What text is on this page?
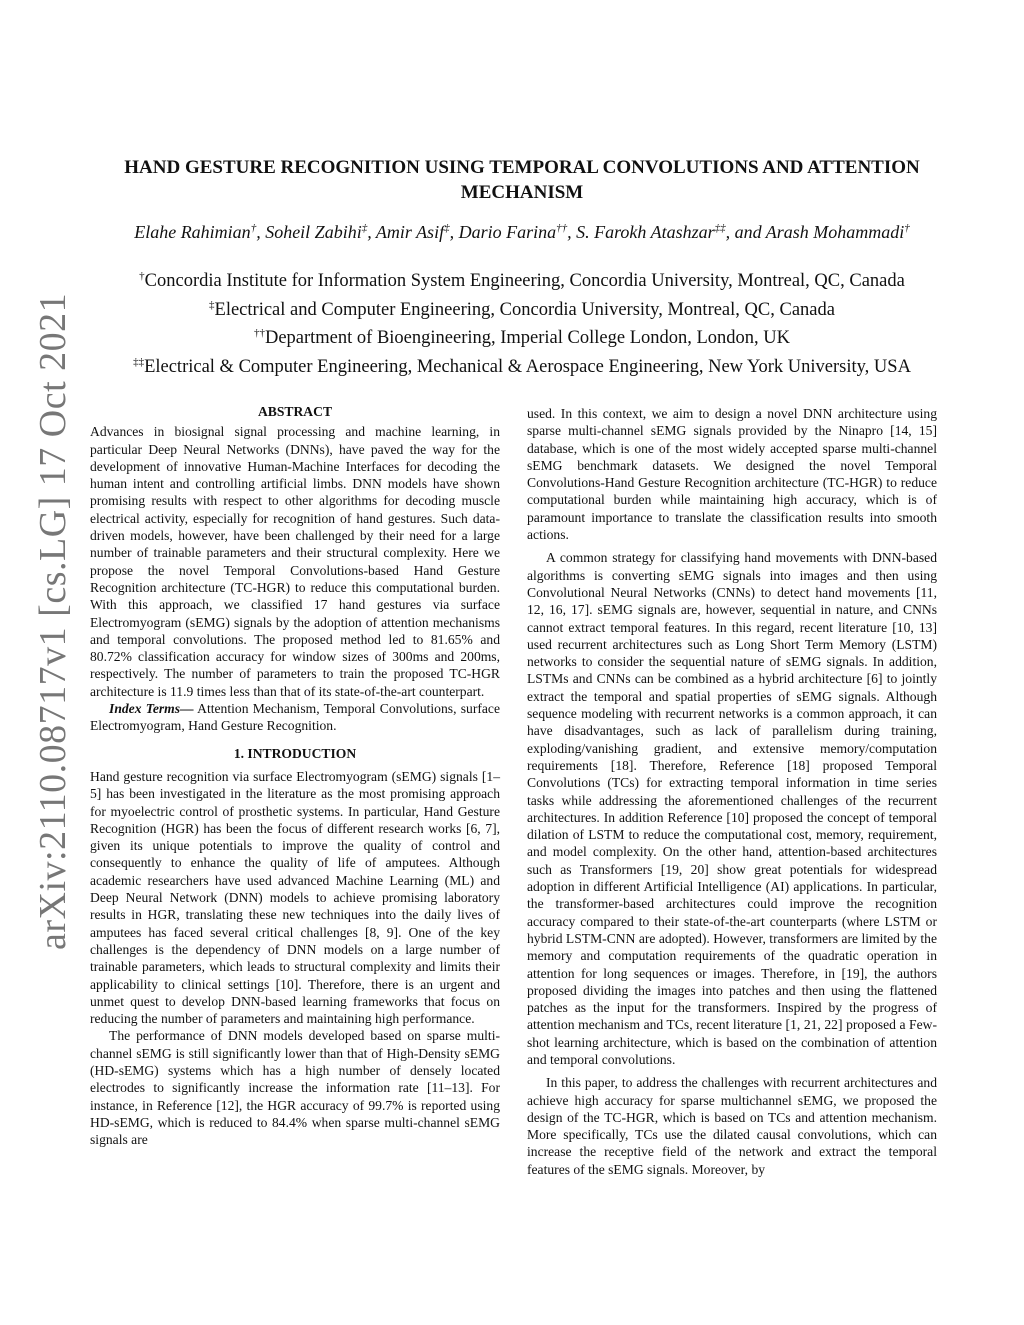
arXiv:2110.08717v1 [cs.LG] 17 Oct 2021
HAND GESTURE RECOGNITION USING TEMPORAL CONVOLUTIONS AND ATTENTION
MECHANISM
Elahe Rahimian†, Soheil Zabihi‡, Amir Asif‡, Dario Farina††, S. Farokh Atashzar‡‡, and Arash Mohammadi†
†Concordia Institute for Information System Engineering, Concordia University, Montreal, QC, Canada
‡Electrical and Computer Engineering, Concordia University, Montreal, QC, Canada
††Department of Bioengineering, Imperial College London, London, UK
‡‡Electrical & Computer Engineering, Mechanical & Aerospace Engineering, New York University, USA
ABSTRACT

Advances in biosignal signal processing and machine learning, in particular Deep Neural Networks (DNNs), have paved the way for the development of innovative Human-Machine Interfaces for decoding the human intent and controlling artificial limbs. DNN models have shown promising results with respect to other algorithms for decoding muscle electrical activity, especially for recognition of hand gestures. Such data-driven models, however, have been challenged by their need for a large number of trainable parameters and their structural complexity. Here we propose the novel Temporal Convolutions-based Hand Gesture Recognition architecture (TC-HGR) to reduce this computational burden. With this approach, we classified 17 hand gestures via surface Electromyogram (sEMG) signals by the adoption of attention mechanisms and temporal convolutions. The proposed method led to 81.65% and 80.72% classification accuracy for window sizes of 300ms and 200ms, respectively. The number of parameters to train the proposed TC-HGR architecture is 11.9 times less than that of its state-of-the-art counterpart.

Index Terms— Attention Mechanism, Temporal Convolutions, surface Electromyogram, Hand Gesture Recognition.

1. INTRODUCTION

Hand gesture recognition via surface Electromyogram (sEMG) signals [1–5] has been investigated in the literature as the most promising approach for myoelectric control of prosthetic systems. In particular, Hand Gesture Recognition (HGR) has been the focus of different research works [6, 7], given its unique potentials to improve the quality of control and consequently to enhance the quality of life of amputees. Although academic researchers have used advanced Machine Learning (ML) and Deep Neural Network (DNN) models to achieve promising laboratory results in HGR, translating these new techniques into the daily lives of amputees has faced several critical challenges [8, 9]. One of the key challenges is the dependency of DNN models on a large number of trainable parameters, which leads to structural complexity and limits their applicability to clinical settings [10]. Therefore, there is an urgent and unmet quest to develop DNN-based learning frameworks that focus on reducing the number of parameters and maintaining high performance.

The performance of DNN models developed based on sparse multi-channel sEMG is still significantly lower than that of High-Density sEMG (HD-sEMG) systems which has a high number of densely located electrodes to significantly increase the information rate [11–13]. For instance, in Reference [12], the HGR accuracy of 99.7% is reported using HD-sEMG, which is reduced to 84.4% when sparse multi-channel sEMG signals are

used. In this context, we aim to design a novel DNN architecture using sparse multi-channel sEMG signals provided by the Ninapro [14, 15] database, which is one of the most widely accepted sparse multi-channel sEMG benchmark datasets. We designed the novel Temporal Convolutions-Hand Gesture Recognition architecture (TC-HGR) to reduce computational burden while maintaining high accuracy, which is of paramount importance to translate the classification results into smooth actions.

A common strategy for classifying hand movements with DNN-based algorithms is converting sEMG signals into images and then using Convolutional Neural Networks (CNNs) to detect hand movements [11, 12, 16, 17]. sEMG signals are, however, sequential in nature, and CNNs cannot extract temporal features. In this regard, recent literature [10, 13] used recurrent architectures such as Long Short Term Memory (LSTM) networks to consider the sequential nature of sEMG signals. In addition, LSTMs and CNNs can be combined as a hybrid architecture [6] to jointly extract the temporal and spatial properties of sEMG signals. Although sequence modeling with recurrent networks is a common approach, it can have disadvantages, such as lack of parallelism during training, exploding/vanishing gradient, and extensive memory/computation requirements [18]. Therefore, Reference [18] proposed Temporal Convolutions (TCs) for extracting temporal information in time series tasks while addressing the aforementioned challenges of the recurrent architectures. In addition Reference [10] proposed the concept of temporal dilation of LSTM to reduce the computational cost, memory, requirement, and model complexity. On the other hand, attention-based architectures such as Transformers [19, 20] show great potentials for widespread adoption in different Artificial Intelligence (AI) applications. In particular, the transformer-based architectures could improve the recognition accuracy compared to their state-of-the-art counterparts (where LSTM or hybrid LSTM-CNN are adopted). However, transformers are limited by the memory and computation requirements of the quadratic operation in attention for long sequences or images. Therefore, in [19], the authors proposed dividing the images into patches and then using the flattened patches as the input for the transformers. Inspired by the progress of attention mechanism and TCs, recent literature [1, 21, 22] proposed a Few-shot learning architecture, which is based on the combination of attention and temporal convolutions.

In this paper, to address the challenges with recurrent architectures and achieve high accuracy for sparse multichannel sEMG, we proposed the design of the TC-HGR, which is based on TCs and attention mechanism. More specifically, TCs use the dilated causal convolutions, which can increase the receptive field of the network and extract the temporal features of the sEMG signals. Moreover, by
